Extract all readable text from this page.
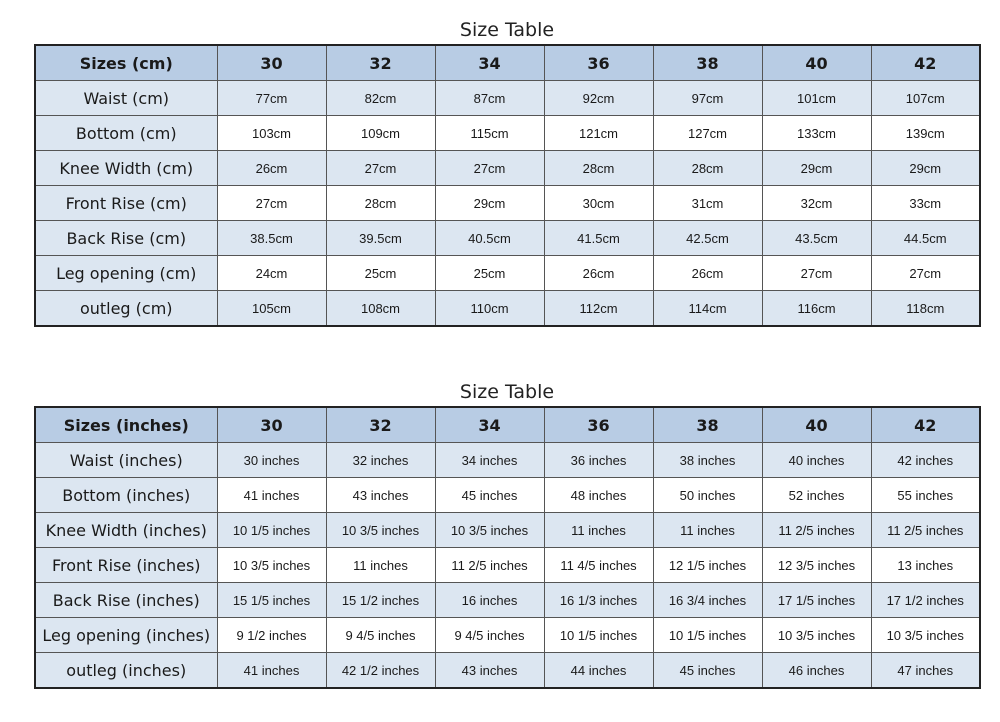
Size Table
Sizes (cm)	30	32	34	36	38	40	42
Waist (cm)	77cm	82cm	87cm	92cm	97cm	101cm	107cm
Bottom (cm)	103cm	109cm	115cm	121cm	127cm	133cm	139cm
Knee Width (cm)	26cm	27cm	27cm	28cm	28cm	29cm	29cm
Front Rise (cm)	27cm	28cm	29cm	30cm	31cm	32cm	33cm
Back Rise (cm)	38.5cm	39.5cm	40.5cm	41.5cm	42.5cm	43.5cm	44.5cm
Leg opening (cm)	24cm	25cm	25cm	26cm	26cm	27cm	27cm
outleg (cm)	105cm	108cm	110cm	112cm	114cm	116cm	118cm
Size Table
Sizes (inches)	30	32	34	36	38	40	42
Waist (inches)	30 inches	32 inches	34 inches	36 inches	38 inches	40 inches	42 inches
Bottom (inches)	41 inches	43 inches	45 inches	48 inches	50 inches	52 inches	55 inches
Knee Width (inches)	10 1/5 inches	10 3/5 inches	10 3/5 inches	11 inches	11 inches	11 2/5 inches	11 2/5 inches
Front Rise (inches)	10 3/5 inches	11 inches	11 2/5 inches	11 4/5 inches	12 1/5 inches	12 3/5 inches	13 inches
Back Rise (inches)	15 1/5 inches	15 1/2 inches	16 inches	16 1/3 inches	16 3/4 inches	17 1/5 inches	17 1/2 inches
Leg opening (inches)	9 1/2 inches	9 4/5 inches	9 4/5 inches	10 1/5 inches	10 1/5 inches	10 3/5 inches	10 3/5 inches
outleg (inches)	41 inches	42 1/2 inches	43 inches	44 inches	45 inches	46 inches	47 inches
